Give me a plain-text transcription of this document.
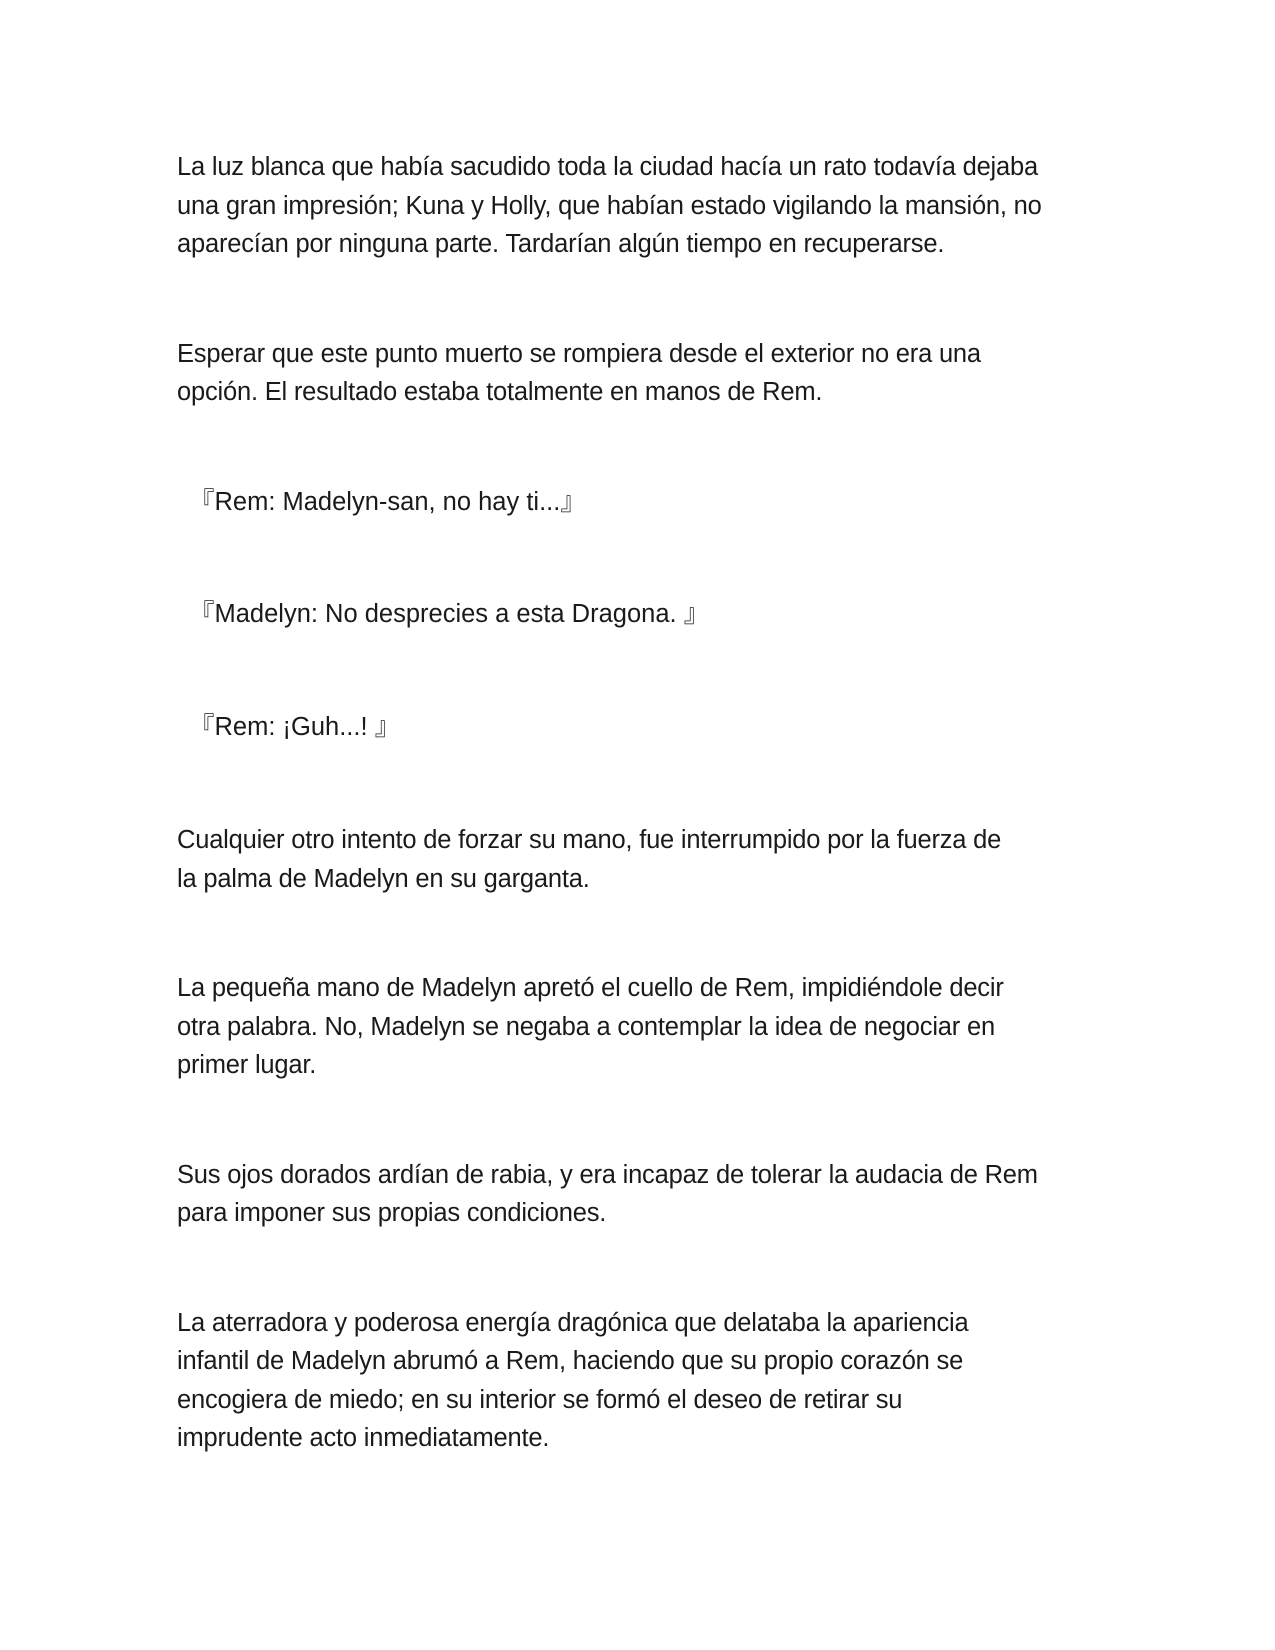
La luz blanca que había sacudido toda la ciudad hacía un rato todavía dejaba
una gran impresión; Kuna y Holly, que habían estado vigilando la mansión, no
aparecían por ninguna parte. Tardarían algún tiempo en recuperarse.

Esperar que este punto muerto se rompiera desde el exterior no era una
opción. El resultado estaba totalmente en manos de Rem.

『Rem: Madelyn-san, no hay ti...』

『Madelyn: No desprecies a esta Dragona. 』

『Rem: ¡Guh...! 』

Cualquier otro intento de forzar su mano, fue interrumpido por la fuerza de
la palma de Madelyn en su garganta.

La pequeña mano de Madelyn apretó el cuello de Rem, impidiéndole decir
otra palabra. No, Madelyn se negaba a contemplar la idea de negociar en
primer lugar.

Sus ojos dorados ardían de rabia, y era incapaz de tolerar la audacia de Rem
para imponer sus propias condiciones.

La aterradora y poderosa energía dragónica que delataba la apariencia
infantil de Madelyn abrumó a Rem, haciendo que su propio corazón se
encogiera de miedo; en su interior se formó el deseo de retirar su
imprudente acto inmediatamente.
